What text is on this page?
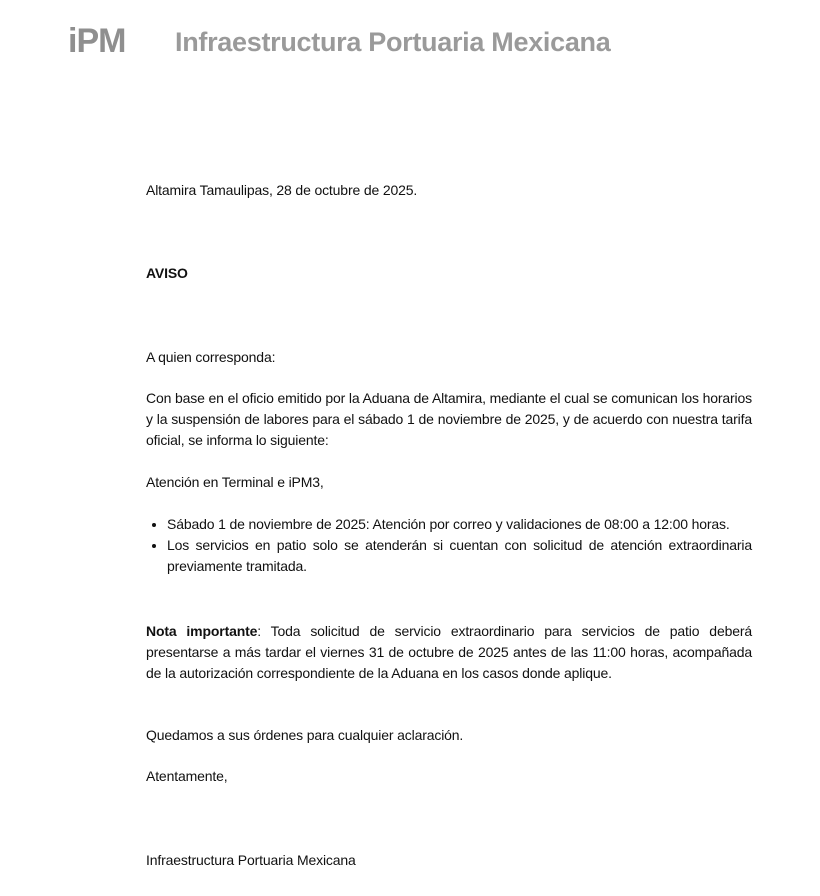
iPM Infraestructura Portuaria Mexicana
Altamira Tamaulipas, 28 de octubre de 2025.
AVISO
A quien corresponda:
Con base en el oficio emitido por la Aduana de Altamira, mediante el cual se comunican los horarios y la suspensión de labores para el sábado 1 de noviembre de 2025, y de acuerdo con nuestra tarifa oficial, se informa lo siguiente:
Atención en Terminal e iPM3,
• Sábado 1 de noviembre de 2025: Atención por correo y validaciones de 08:00 a 12:00 horas.
• Los servicios en patio solo se atenderán si cuentan con solicitud de atención extraordinaria previamente tramitada.
Nota importante: Toda solicitud de servicio extraordinario para servicios de patio deberá presentarse a más tardar el viernes 31 de octubre de 2025 antes de las 11:00 horas, acompañada de la autorización correspondiente de la Aduana en los casos donde aplique.
Quedamos a sus órdenes para cualquier aclaración.
Atentamente,
Infraestructura Portuaria Mexicana
